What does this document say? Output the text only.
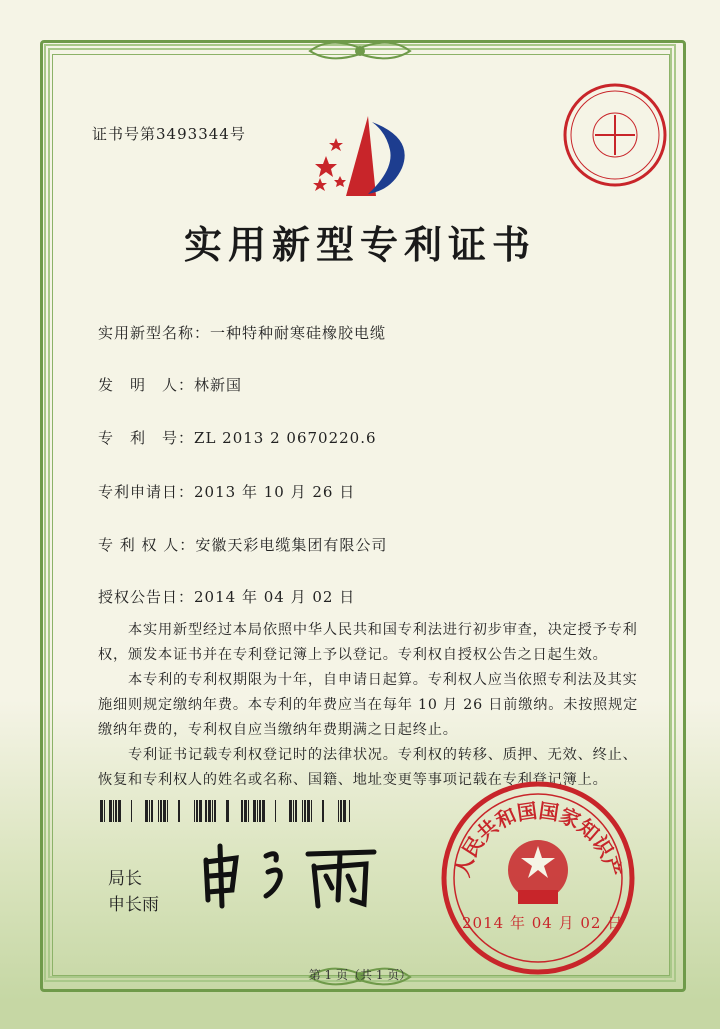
证书号第3493344号
实用新型专利证书
实用新型名称：一种特种耐寒硅橡胶电缆
发　明　人：林新国
专　利　号：ZL 2013 2 0670220.6
专利申请日：2013 年 10 月 26 日
专 利 权 人：安徽天彩电缆集团有限公司
授权公告日：2014 年 04 月 02 日

本实用新型经过本局依照中华人民共和国专利法进行初步审查，决定授予专利权，颁发本证书并在专利登记簿上予以登记。专利权自授权公告之日起生效。

本专利的专利权期限为十年，自申请日起算。专利权人应当依照专利法及其实施细则规定缴纳年费。本专利的年费应当在每年 10 月 26 日前缴纳。未按照规定缴纳年费的，专利权自应当缴纳年费期满之日起终止。

专利证书记载专利权登记时的法律状况。专利权的转移、质押、无效、终止、恢复和专利权人的姓名或名称、国籍、地址变更等事项记载在专利登记簿上。

局长
申长雨
人民共和国国家知识产
2014 年 04 月 02 日
第 1 页（共 1 页）
